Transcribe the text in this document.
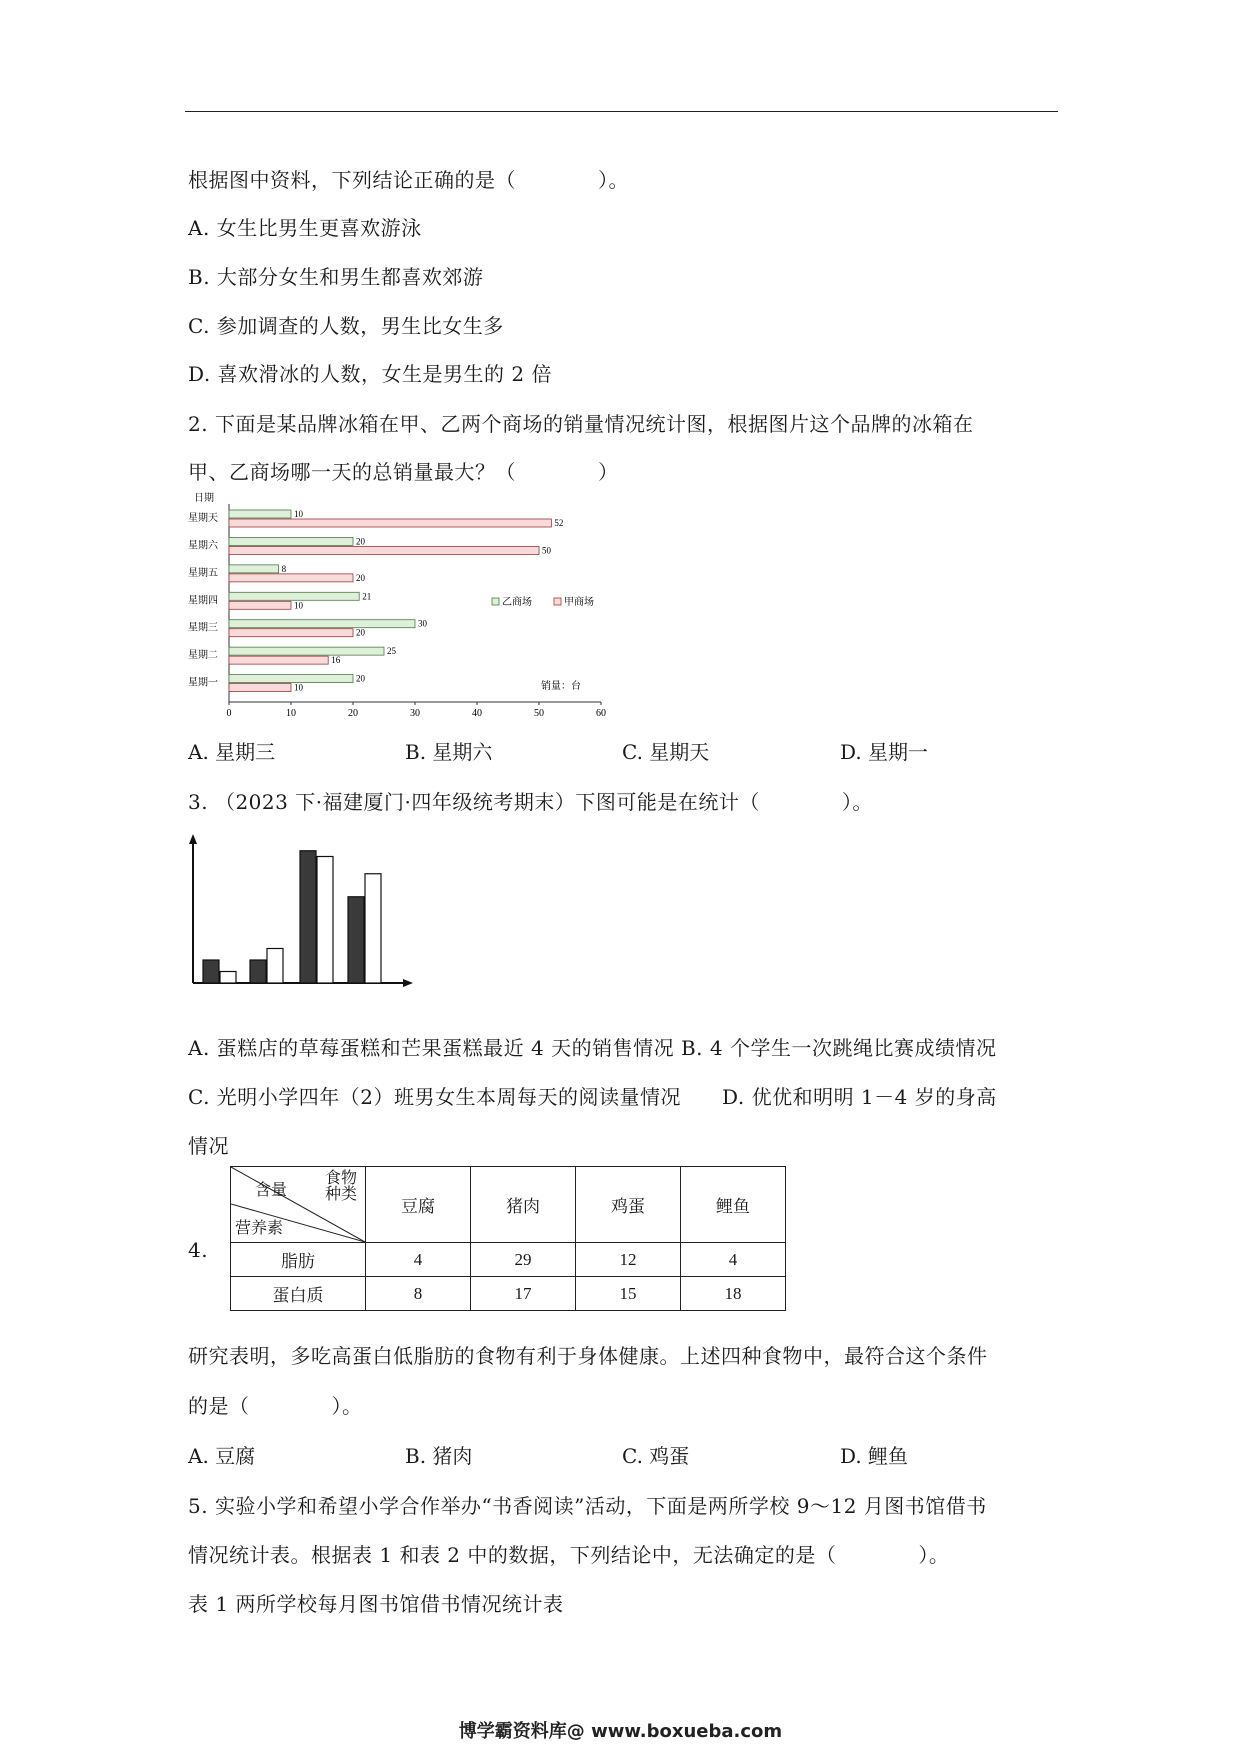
根据图中资料，下列结论正确的是（　　　　）。
A. 女生比男生更喜欢游泳
B. 大部分女生和男生都喜欢郊游
C. 参加调查的人数，男生比女生多
D. 喜欢滑冰的人数，女生是男生的 2 倍
2. 下面是某品牌冰箱在甲、乙两个商场的销量情况统计图，根据图片这个品牌的冰箱在
甲、乙商场哪一天的总销量最大？（　　　　）
日期
0	10	20	30	40	50	60
星期天	10
52
星期六	20
50
星期五	8
20
星期四	21
10
星期三	30
20
星期二	25
16
星期一	20
10
乙商场	甲商场
销量：台
A. 星期三	B. 星期六	C. 星期天	D. 星期一
3. （2023 下·福建厦门·四年级统考期末）下图可能是在统计（　　　　）。
A. 蛋糕店的草莓蛋糕和芒果蛋糕最近 4 天的销售情况 B. 4 个学生一次跳绳比赛成绩情况
C. 光明小学四年（2）班男女生本周每天的阅读量情况　　D. 优优和明明 1－4 岁的身高
情况
4.
食物
种类
含量
营养素	豆腐	猪肉	鸡蛋	鲤鱼
脂肪	4	29	12	4
蛋白质	8	17	15	18
研究表明，多吃高蛋白低脂肪的食物有利于身体健康。上述四种食物中，最符合这个条件
的是（　　　　）。
A. 豆腐	B. 猪肉	C. 鸡蛋	D. 鲤鱼
5. 实验小学和希望小学合作举办“书香阅读”活动，下面是两所学校 9～12 月图书馆借书
情况统计表。根据表 1 和表 2 中的数据，下列结论中，无法确定的是（　　　　）。
表 1 两所学校每月图书馆借书情况统计表
博学霸资料库@ www.boxueba.com
